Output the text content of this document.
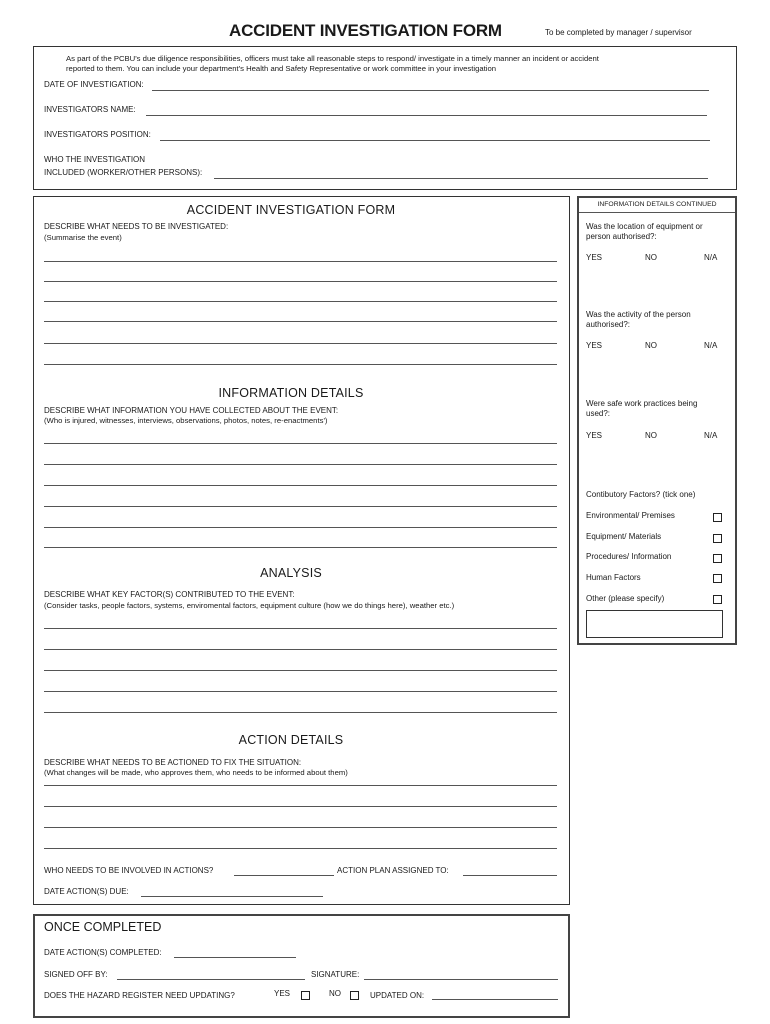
ACCIDENT INVESTIGATION FORM	To be completed by manager / supervisor
As part of the PCBU's due diligence responsibilities, officers must take all reasonable steps to respond/ investigate in a timely manner an incident or accident
reported to them. You can include your department's Health and Safety Representative or work committee in your investigation
DATE OF INVESTIGATION:
INVESTIGATORS NAME:
INVESTIGATORS POSITION:
WHO THE INVESTIGATION
INCLUDED (WORKER/OTHER PERSONS):
ACCIDENT INVESTIGATION FORM
DESCRIBE WHAT NEEDS TO BE INVESTIGATED:
(Summarise the event)
INFORMATION DETAILS
DESCRIBE WHAT INFORMATION YOU HAVE COLLECTED ABOUT THE EVENT:
(Who is injured, witnesses, interviews, observations, photos, notes, re-enactments')
ANALYSIS
DESCRIBE WHAT KEY FACTOR(S) CONTRIBUTED TO THE EVENT:
(Consider tasks, people factors, systems, enviromental factors, equipment culture (how we do things here), weather etc.)
ACTION DETAILS
DESCRIBE WHAT NEEDS TO BE ACTIONED TO FIX THE SITUATION:
(What changes will be made, who approves them, who needs to be informed about them)
WHO NEEDS TO BE INVOLVED IN ACTIONS?	ACTION PLAN ASSIGNED TO:
DATE ACTION(S) DUE:
INFORMATION DETAILS CONTINUED
Was the location of equipment or
person authorised?:
YES	NO	N/A
Was the activity of the person
authorised?:
YES	NO	N/A
Were safe work practices being
used?:
YES	NO	N/A
Contibutory Factors? (tick one)
Environmental/ Premises
Equipment/ Materials
Procedures/ Information
Human Factors
Other (please specify)
ONCE COMPLETED
DATE ACTION(S) COMPLETED:
SIGNED OFF BY:	SIGNATURE:
DOES THE HAZARD REGISTER NEED UPDATING?	YES	NO	UPDATED ON:
